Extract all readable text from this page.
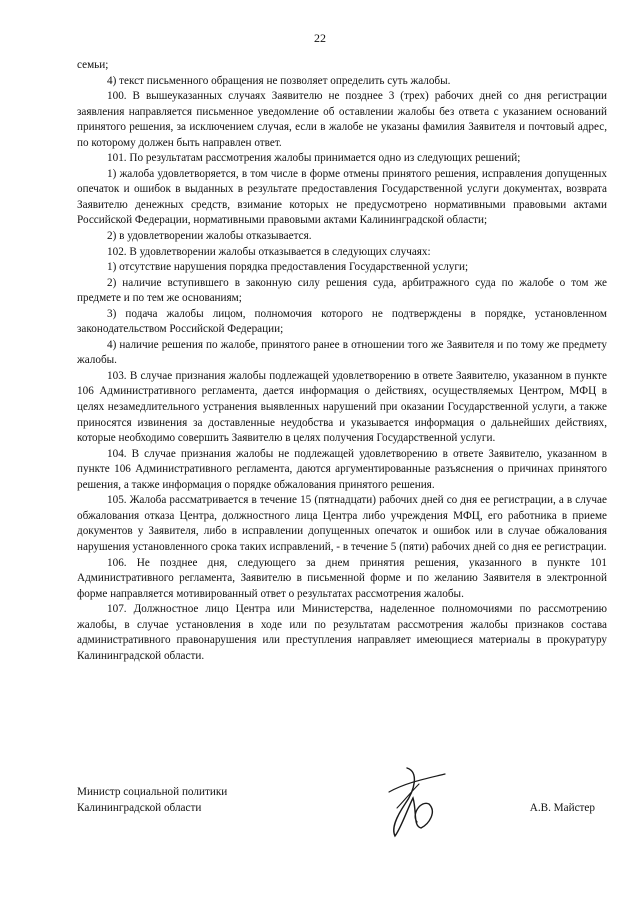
22

семьи;

4) текст письменного обращения не позволяет определить суть жалобы.

100. В вышеуказанных случаях Заявителю не позднее 3 (трех) рабочих дней со дня регистрации заявления направляется письменное уведомление об оставлении жалобы без ответа с указанием оснований принятого решения, за исключением случая, если в жалобе не указаны фамилия Заявителя и почтовый адрес, по которому должен быть направлен ответ.

101. По результатам рассмотрения жалобы принимается одно из следующих решений;

1) жалоба удовлетворяется, в том числе в форме отмены принятого решения, исправления допущенных опечаток и ошибок в выданных в результате предоставления Государственной услуги документах, возврата Заявителю денежных средств, взимание которых не предусмотрено нормативными правовыми актами Российской Федерации, нормативными правовыми актами Калининградской области;

2) в удовлетворении жалобы отказывается.

102. В удовлетворении жалобы отказывается в следующих случаях:

1) отсутствие нарушения порядка предоставления Государственной услуги;

2) наличие вступившего в законную силу решения суда, арбитражного суда по жалобе о том же предмете и по тем же основаниям;

3) подача жалобы лицом, полномочия которого не подтверждены в порядке, установленном законодательством Российской Федерации;

4) наличие решения по жалобе, принятого ранее в отношении того же Заявителя и по тому же предмету жалобы.

103. В случае признания жалобы подлежащей удовлетворению в ответе Заявителю, указанном в пункте 106 Административного регламента, дается информация о действиях, осуществляемых Центром, МФЦ в целях незамедлительного устранения выявленных нарушений при оказании Государственной услуги, а также приносятся извинения за доставленные неудобства и указывается информация о дальнейших действиях, которые необходимо совершить Заявителю в целях получения Государственной услуги.

104. В случае признания жалобы не подлежащей удовлетворению в ответе Заявителю, указанном в пункте 106 Административного регламента, даются аргументированные разъяснения о причинах принятого решения, а также информация о порядке обжалования принятого решения.

105. Жалоба рассматривается в течение 15 (пятнадцати) рабочих дней со дня ее регистрации, а в случае обжалования отказа Центра, должностного лица Центра либо учреждения МФЦ, его работника в приеме документов у Заявителя, либо в исправлении допущенных опечаток и ошибок или в случае обжалования нарушения установленного срока таких исправлений, - в течение 5 (пяти) рабочих дней со дня ее регистрации.

106. Не позднее дня, следующего за днем принятия решения, указанного в пункте 101 Административного регламента, Заявителю в письменной форме и по желанию Заявителя в электронной форме направляется мотивированный ответ о результатах рассмотрения жалобы.

107. Должностное лицо Центра или Министерства, наделенное полномочиями по рассмотрению жалобы, в случае установления в ходе или по результатам рассмотрения жалобы признаков состава административного правонарушения или преступления направляет имеющиеся материалы в прокуратуру Калининградской области.

Министр социальной политики
Калининградской области	А.В. Майстер
